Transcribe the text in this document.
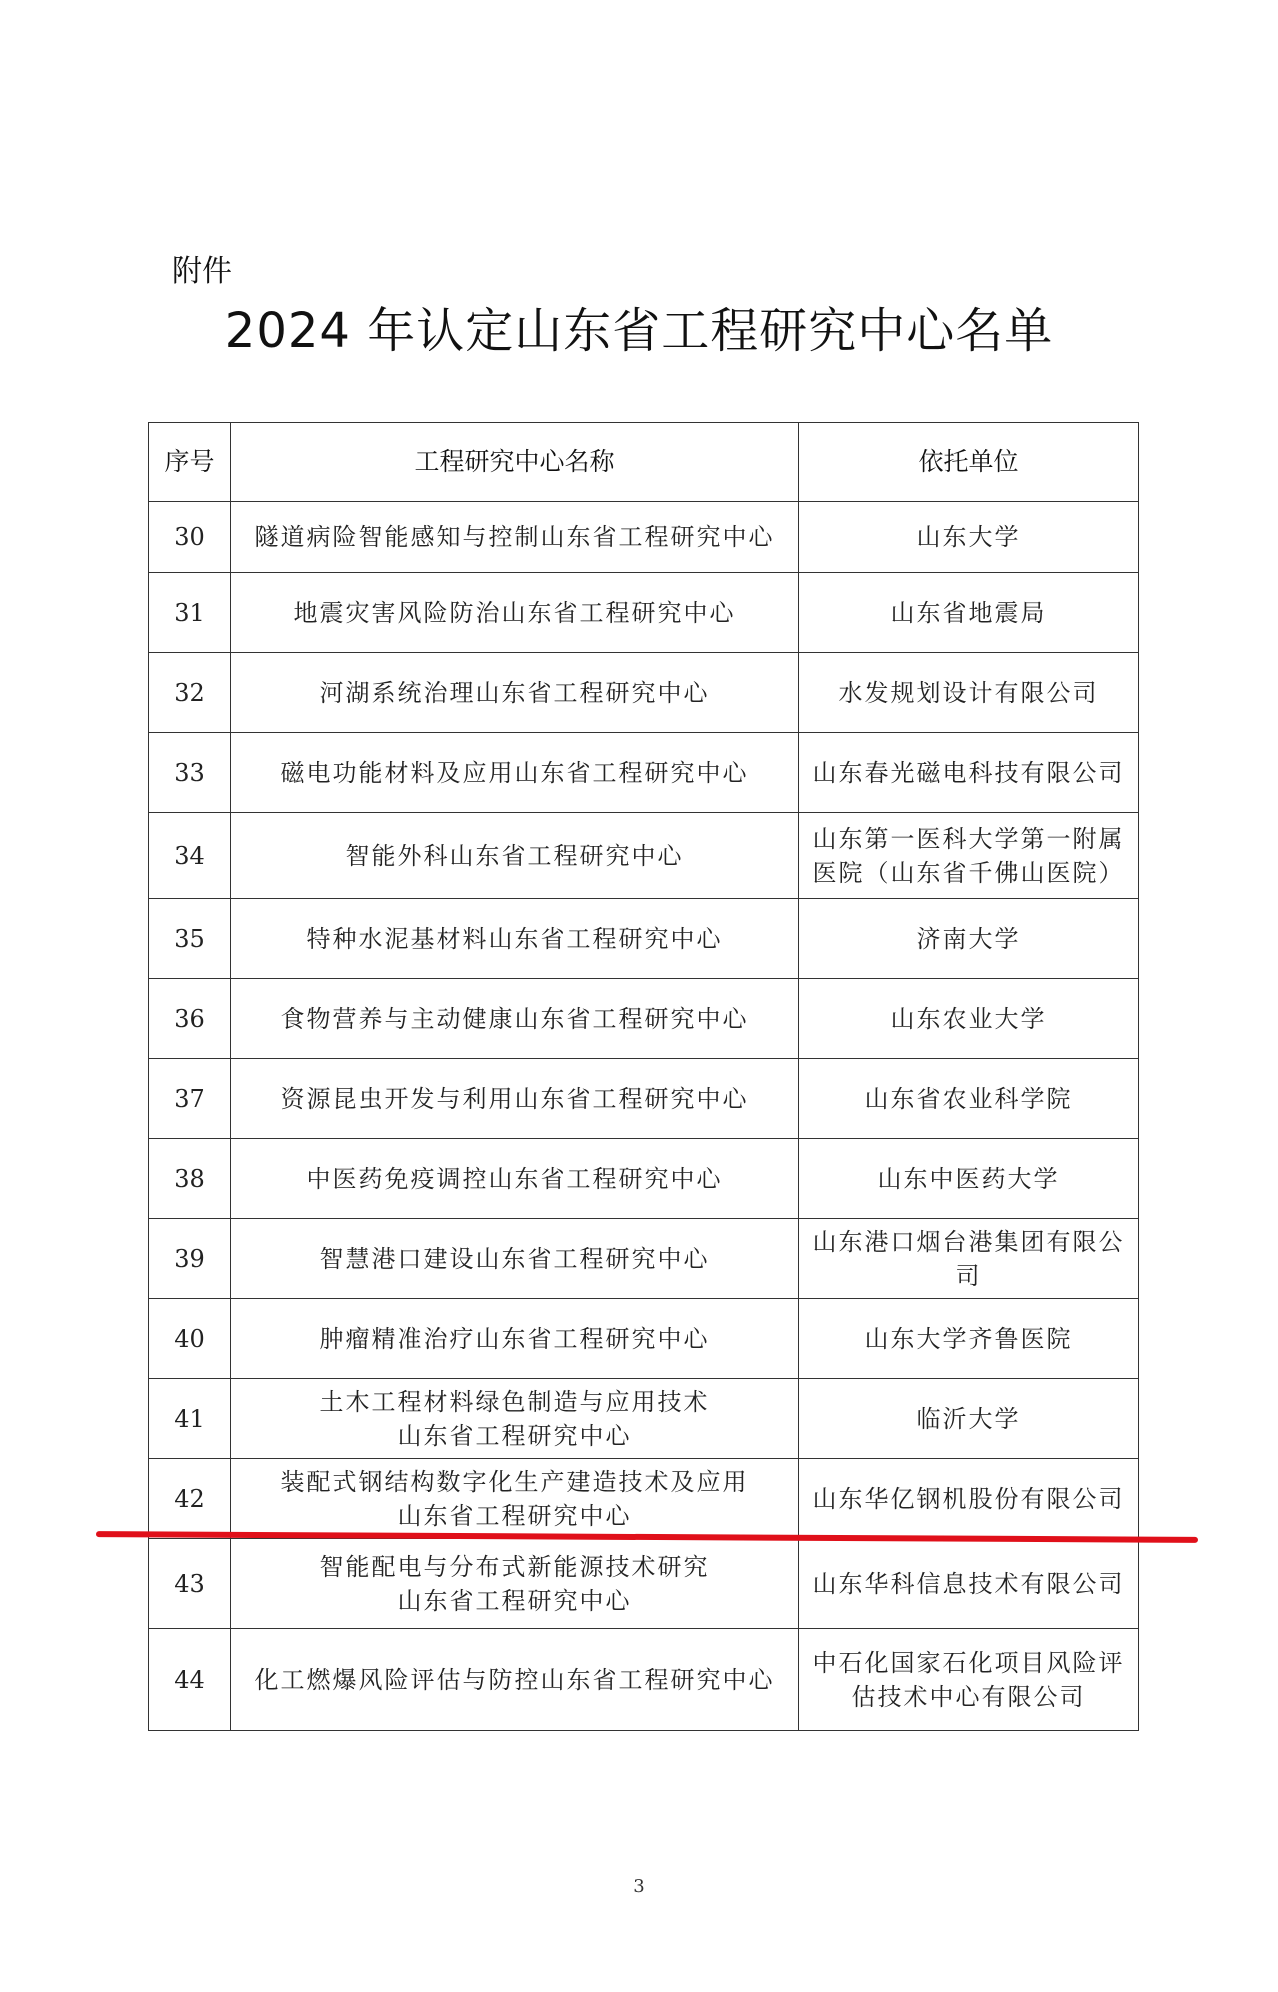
附件
2024 年认定山东省工程研究中心名单
序号	工程研究中心名称	依托单位
30	隧道病险智能感知与控制山东省工程研究中心	山东大学

31	地震灾害风险防治山东省工程研究中心	山东省地震局

32	河湖系统治理山东省工程研究中心	水发规划设计有限公司

33	磁电功能材料及应用山东省工程研究中心	山东春光磁电科技有限公司

34	智能外科山东省工程研究中心	山东第一医科大学第一附属
医院（山东省千佛山医院）

35	特种水泥基材料山东省工程研究中心	济南大学

36	食物营养与主动健康山东省工程研究中心	山东农业大学

37	资源昆虫开发与利用山东省工程研究中心	山东省农业科学院

38	中医药免疫调控山东省工程研究中心	山东中医药大学

39	智慧港口建设山东省工程研究中心	山东港口烟台港集团有限公
司

40	肿瘤精准治疗山东省工程研究中心	山东大学齐鲁医院

41	土木工程材料绿色制造与应用技术
山东省工程研究中心	临沂大学

42	装配式钢结构数字化生产建造技术及应用
山东省工程研究中心	山东华亿钢机股份有限公司

43	智能配电与分布式新能源技术研究
山东省工程研究中心	山东华科信息技术有限公司

44	化工燃爆风险评估与防控山东省工程研究中心	中石化国家石化项目风险评
估技术中心有限公司
3
